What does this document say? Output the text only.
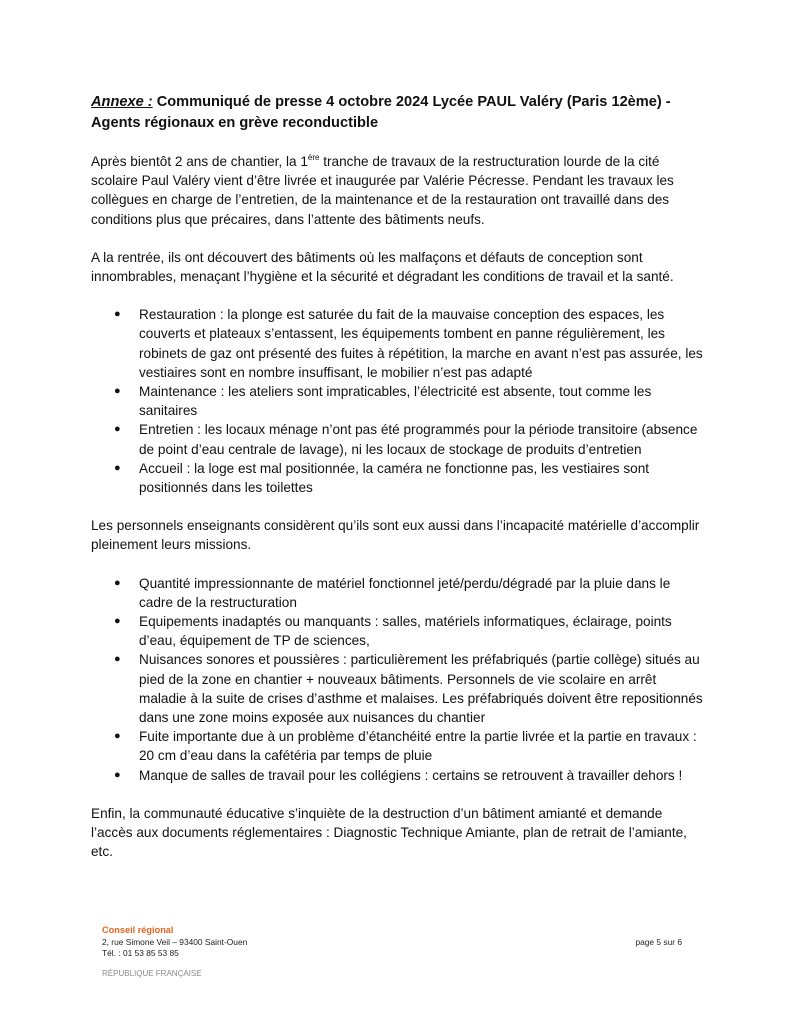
Annexe : Communiqué de presse 4 octobre 2024 Lycée PAUL Valéry (Paris 12ème) - Agents régionaux en grève reconductible

Après bientôt 2 ans de chantier, la 1ère tranche de travaux de la restructuration lourde de la cité scolaire Paul Valéry vient d’être livrée et inaugurée par Valérie Pécresse. Pendant les travaux les collègues en charge de l’entretien, de la maintenance et de la restauration ont travaillé dans des conditions plus que précaires, dans l’attente des bâtiments neufs.

A la rentrée, ils ont découvert des bâtiments où les malfaçons et défauts de conception sont innombrables, menaçant l’hygiène et la sécurité et dégradant les conditions de travail et la santé.

● Restauration : la plonge est saturée du fait de la mauvaise conception des espaces, les couverts et plateaux s’entassent, les équipements tombent en panne régulièrement, les robinets de gaz ont présenté des fuites à répétition, la marche en avant n’est pas assurée, les vestiaires sont en nombre insuffisant, le mobilier n’est pas adapté
● Maintenance : les ateliers sont impraticables, l’électricité est absente, tout comme les sanitaires
● Entretien : les locaux ménage n’ont pas été programmés pour la période transitoire (absence de point d’eau centrale de lavage), ni les locaux de stockage de produits d’entretien
● Accueil : la loge est mal positionnée, la caméra ne fonctionne pas, les vestiaires sont positionnés dans les toilettes

Les personnels enseignants considèrent qu’ils sont eux aussi dans l’incapacité matérielle d’accomplir pleinement leurs missions.

● Quantité impressionnante de matériel fonctionnel jeté/perdu/dégradé par la pluie dans le cadre de la restructuration
● Equipements inadaptés ou manquants : salles, matériels informatiques, éclairage, points d’eau, équipement de TP de sciences,
● Nuisances sonores et poussières : particulièrement les préfabriqués (partie collège) situés au pied de la zone en chantier + nouveaux bâtiments. Personnels de vie scolaire en arrêt maladie à la suite de crises d’asthme et malaises. Les préfabriqués doivent être repositionnés dans une zone moins exposée aux nuisances du chantier
● Fuite importante due à un problème d’étanchéité entre la partie livrée et la partie en travaux : 20 cm d’eau dans la cafétéria par temps de pluie
● Manque de salles de travail pour les collégiens : certains se retrouvent à travailler dehors !

Enfin, la communauté éducative s’inquiète de la destruction d’un bâtiment amianté et demande l’accès aux documents réglementaires : Diagnostic Technique Amiante, plan de retrait de l’amiante, etc.

Conseil régional
2, rue Simone Veil – 93400 Saint-Ouen	page 5 sur 6
Tél. : 01 53 85 53 85
RÉPUBLIQUE FRANÇAISE
